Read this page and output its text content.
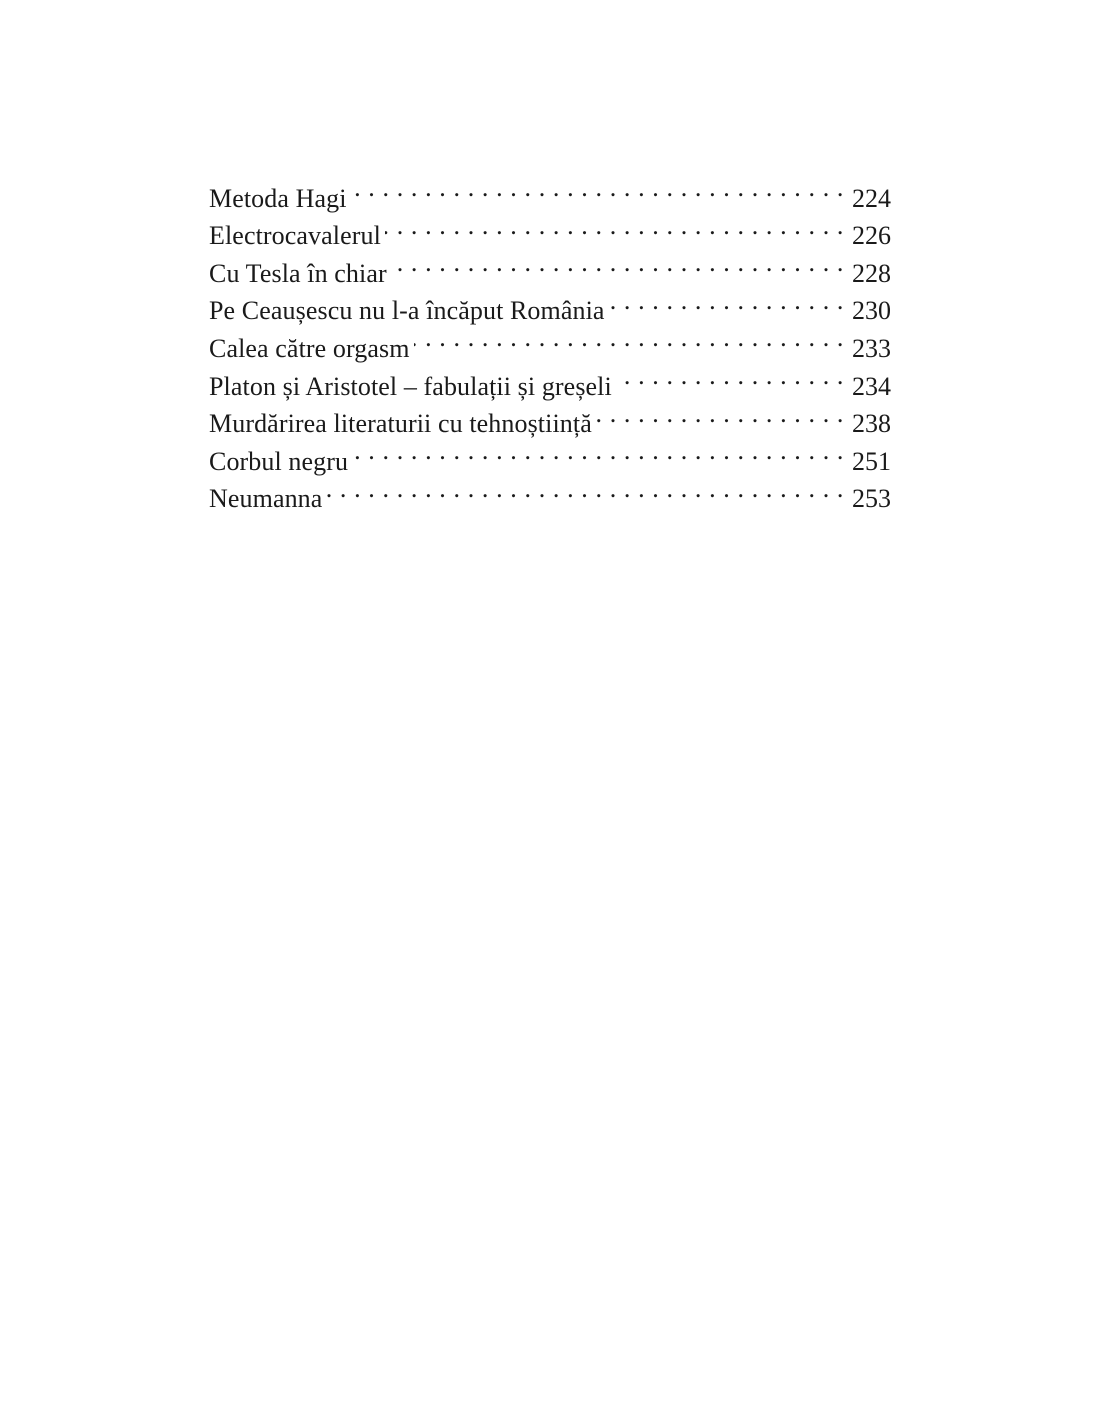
Metoda Hagi . . .	224
Electrocavalerul . . .	226
Cu Tesla în chiar . . .	228
Pe Ceaușescu nu l-a încăput România . . .	230
Calea către orgasm . . .	233
Platon și Aristotel – fabulații și greșeli . . .	234
Murdărirea literaturii cu tehnoștiință . . .	238
Corbul negru . . .	251
Neumanna . . .	253
